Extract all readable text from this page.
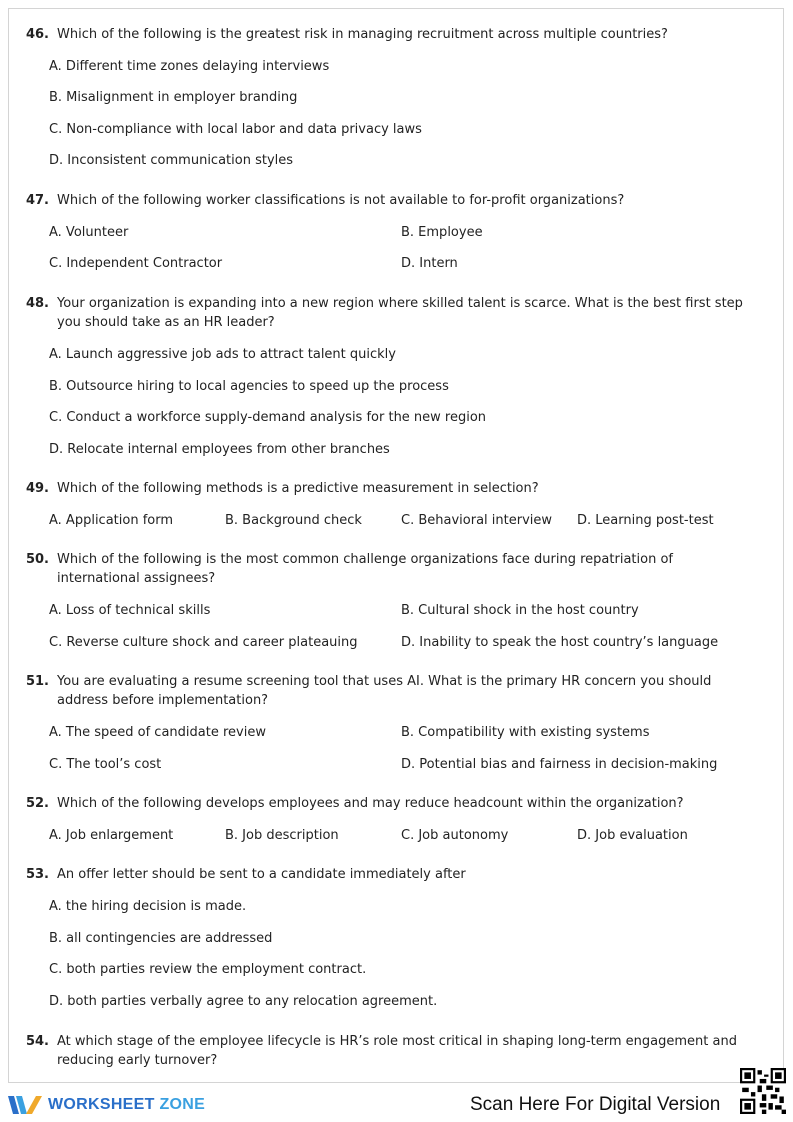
46. Which of the following is the greatest risk in managing recruitment across multiple countries?
A. Different time zones delaying interviews
B. Misalignment in employer branding
C. Non-compliance with local labor and data privacy laws
D. Inconsistent communication styles
47. Which of the following worker classifications is not available to for-profit organizations?
A. Volunteer	B. Employee
C. Independent Contractor	D. Intern
48. Your organization is expanding into a new region where skilled talent is scarce. What is the best first step you should take as an HR leader?
A. Launch aggressive job ads to attract talent quickly
B. Outsource hiring to local agencies to speed up the process
C. Conduct a workforce supply-demand analysis for the new region
D. Relocate internal employees from other branches
49. Which of the following methods is a predictive measurement in selection?
A. Application form	B. Background check	C. Behavioral interview D. Learning post-test
50. Which of the following is the most common challenge organizations face during repatriation of international assignees?
A. Loss of technical skills	B. Cultural shock in the host country
C. Reverse culture shock and career plateauing	D. Inability to speak the host country’s language
51. You are evaluating a resume screening tool that uses AI. What is the primary HR concern you should address before implementation?
A. The speed of candidate review	B. Compatibility with existing systems
C. The tool’s cost	D. Potential bias and fairness in decision-making
52. Which of the following develops employees and may reduce headcount within the organization?
A. Job enlargement	B. Job description	C. Job autonomy	D. Job evaluation
53. An offer letter should be sent to a candidate immediately after
A. the hiring decision is made.
B. all contingencies are addressed
C. both parties review the employment contract.
D. both parties verbally agree to any relocation agreement.
54. At which stage of the employee lifecycle is HR’s role most critical in shaping long-term engagement and reducing early turnover?
WORKSHEET ZONE	Scan Here For Digital Version
